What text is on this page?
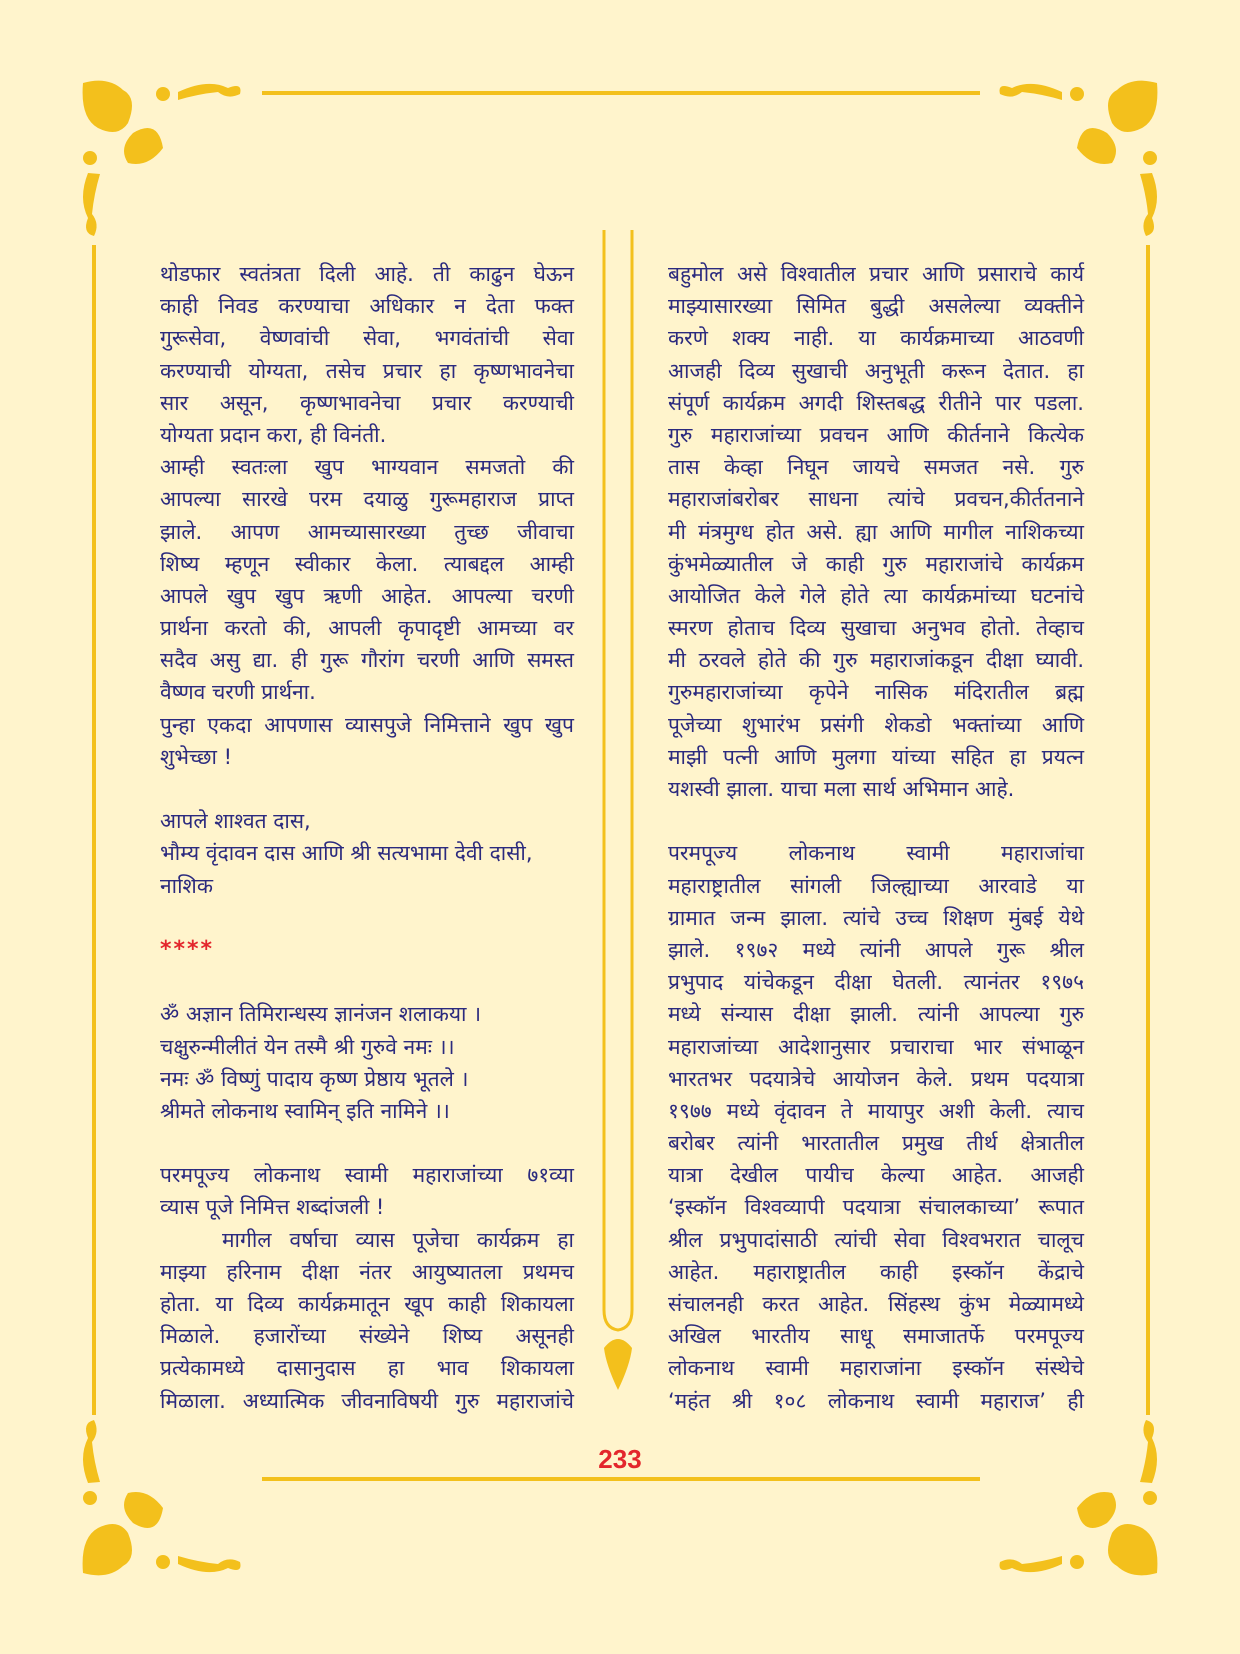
थोडफार स्वतंत्रता दिली आहे. ती काढुन घेऊन
काही निवड करण्याचा अधिकार न देता फक्त
गुरूसेवा, वेष्णवांची सेवा, भगवंतांची सेवा
करण्याची योग्यता, तसेच प्रचार हा कृष्णभावनेचा
सार असून, कृष्णभावनेचा प्रचार करण्याची
योग्यता प्रदान करा, ही विनंती.
आम्ही स्वतःला खुप भाग्यवान समजतो की
आपल्या सारखे परम दयाळु गुरूमहाराज प्राप्त
झाले. आपण आमच्यासारख्या तुच्छ जीवाचा
शिष्य म्हणून स्वीकार केला. त्याबद्दल आम्ही
आपले खुप खुप ऋणी आहेत. आपल्या चरणी
प्रार्थना करतो की, आपली कृपादृष्टी आमच्या वर
सदैव असु द्या. ही गुरू गौरांग चरणी आणि समस्त
वैष्णव चरणी प्रार्थना.
पुन्हा एकदा आपणास व्यासपुजे निमित्ताने खुप खुप
शुभेच्छा !
आपले शाश्वत दास,
भौम्य वृंदावन दास आणि श्री सत्यभामा देवी दासी,
नाशिक
****
ॐ अज्ञान तिमिरान्धस्य ज्ञानंजन शलाकया ।
चक्षुरुन्मीलीतं येन तस्मै श्री गुरुवे नमः ।।
नमः ॐ विष्णुं पादाय कृष्ण प्रेष्ठाय भूतले ।
श्रीमते लोकनाथ स्वामिन् इति नामिने ।।
परमपूज्य लोकनाथ स्वामी महाराजांच्या ७१व्या
व्यास पूजे निमित्त शब्दांजली !
मागील वर्षाचा व्यास पूजेचा कार्यक्रम हा
माझ्या हरिनाम दीक्षा नंतर आयुष्यातला प्रथमच
होता. या दिव्य कार्यक्रमातून खूप काही शिकायला
मिळाले. हजारोंच्या संख्येने शिष्य असूनही
प्रत्येकामध्ये दासानुदास हा भाव शिकायला
मिळाला. अध्यात्मिक जीवनाविषयी गुरु महाराजांचे
बहुमोल असे विश्वातील प्रचार आणि प्रसाराचे कार्य
माझ्यासारख्या सिमित बुद्धी असलेल्या व्यक्तीने
करणे शक्य नाही. या कार्यक्रमाच्या आठवणी
आजही दिव्य सुखाची अनुभूती करून देतात. हा
संपूर्ण कार्यक्रम अगदी शिस्तबद्ध रीतीने पार पडला.
गुरु महाराजांच्या प्रवचन आणि कीर्तनाने कित्येक
तास केव्हा निघून जायचे समजत नसे. गुरु
महाराजांबरोबर साधना त्यांचे प्रवचन,कीर्ततनाने
मी मंत्रमुग्ध होत असे. ह्या आणि मागील नाशिकच्या
कुंभमेळ्यातील जे काही गुरु महाराजांचे कार्यक्रम
आयोजित केले गेले होते त्या कार्यक्रमांच्या घटनांचे
स्मरण होताच दिव्य सुखाचा अनुभव होतो. तेव्हाच
मी ठरवले होते की गुरु महाराजांकडून दीक्षा घ्यावी.
गुरुमहाराजांच्या कृपेने नासिक मंदिरातील ब्रह्म
पूजेच्या शुभारंभ प्रसंगी शेकडो भक्तांच्या आणि
माझी पत्नी आणि मुलगा यांच्या सहित हा प्रयत्न
यशस्वी झाला. याचा मला सार्थ अभिमान आहे.
परमपूज्य लोकनाथ स्वामी महाराजांचा
महाराष्ट्रातील सांगली जिल्ह्याच्या आरवाडे या
ग्रामात जन्म झाला. त्यांचे उच्च शिक्षण मुंबई येथे
झाले. १९७२ मध्ये त्यांनी आपले गुरू श्रील
प्रभुपाद यांचेकडून दीक्षा घेतली. त्यानंतर १९७५
मध्ये संन्यास दीक्षा झाली. त्यांनी आपल्या गुरु
महाराजांच्या आदेशानुसार प्रचाराचा भार संभाळून
भारतभर पदयात्रेचे आयोजन केले. प्रथम पदयात्रा
१९७७ मध्ये वृंदावन ते मायापुर अशी केली. त्याच
बरोबर त्यांनी भारतातील प्रमुख तीर्थ क्षेत्रातील
यात्रा देखील पायीच केल्या आहेत. आजही
‘इस्कॉन विश्वव्यापी पदयात्रा संचालकाच्या’ रूपात
श्रील प्रभुपादांसाठी त्यांची सेवा विश्वभरात चालूच
आहेत. महाराष्ट्रातील काही इस्कॉन केंद्राचे
संचालनही करत आहेत. सिंहस्थ कुंभ मेळ्यामध्ये
अखिल भारतीय साधू समाजातर्फे परमपूज्य
लोकनाथ स्वामी महाराजांना इस्कॉन संस्थेचे
‘महंत श्री १०८ लोकनाथ स्वामी महाराज’ ही
233
